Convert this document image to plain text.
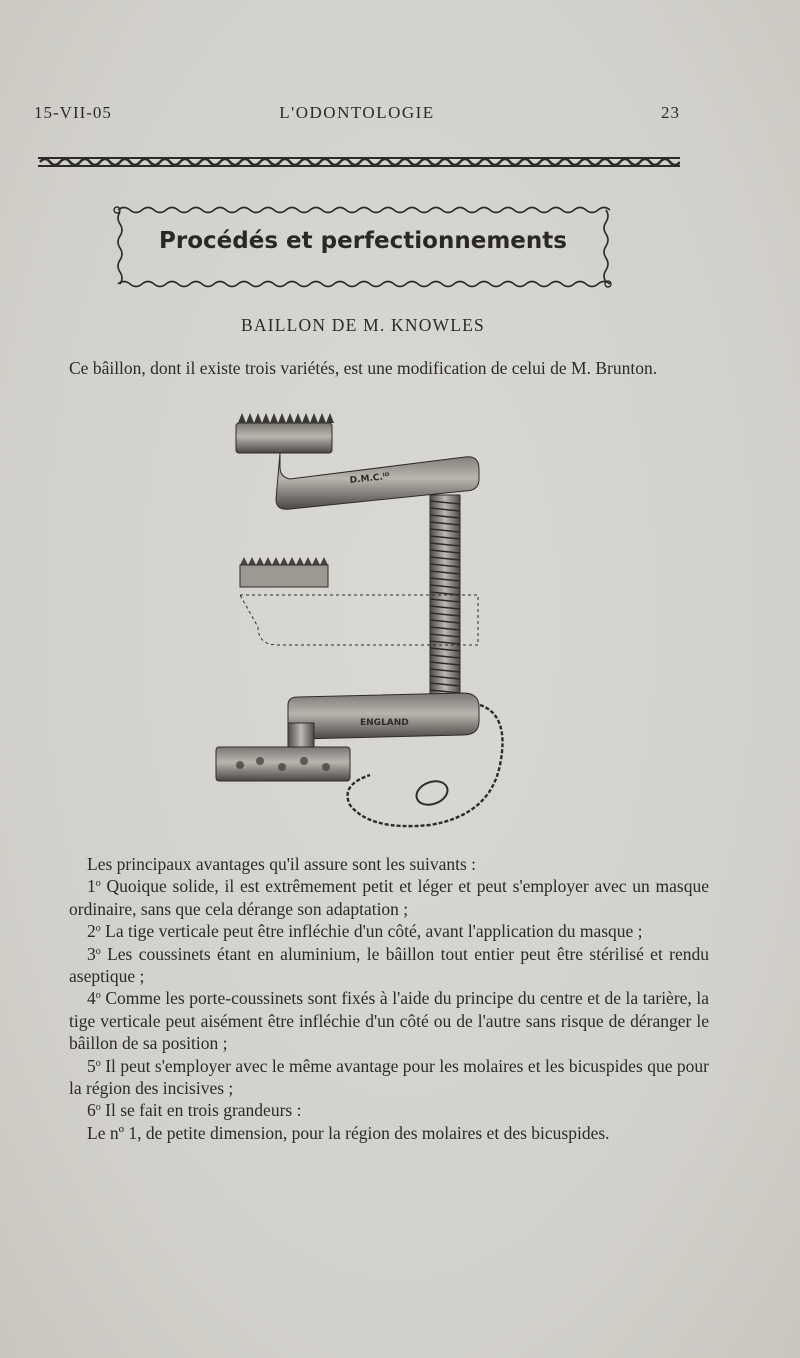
15-VII-05	L'ODONTOLOGIE	23
Procédés et perfectionnements
BAILLON DE M. KNOWLES
Ce bâillon, dont il existe trois variétés, est une modification de celui de M. Brunton.
D.M.C.ᴵᴰ
ENGLAND

Les principaux avantages qu'il assure sont les suivants :

1$^o$ Quoique solide, il est extrêmement petit et léger et peut s'employer avec un masque ordinaire, sans que cela dérange son adaptation ;

2$^o$ La tige verticale peut être infléchie d'un côté, avant l'application du masque ;

3$^o$ Les coussinets étant en aluminium, le bâillon tout entier peut être stérilisé et rendu aseptique ;

4$^o$ Comme les porte-coussinets sont fixés à l'aide du principe du centre et de la tarière, la tige verticale peut aisément être infléchie d'un côté ou de l'autre sans risque de déranger le bâillon de sa position ;

5$^o$ Il peut s'employer avec le même avantage pour les molaires et les bicuspides que pour la région des incisives ;

6$^o$ Il se fait en trois grandeurs :

Le nº 1, de petite dimension, pour la région des molaires et des bicuspides.
